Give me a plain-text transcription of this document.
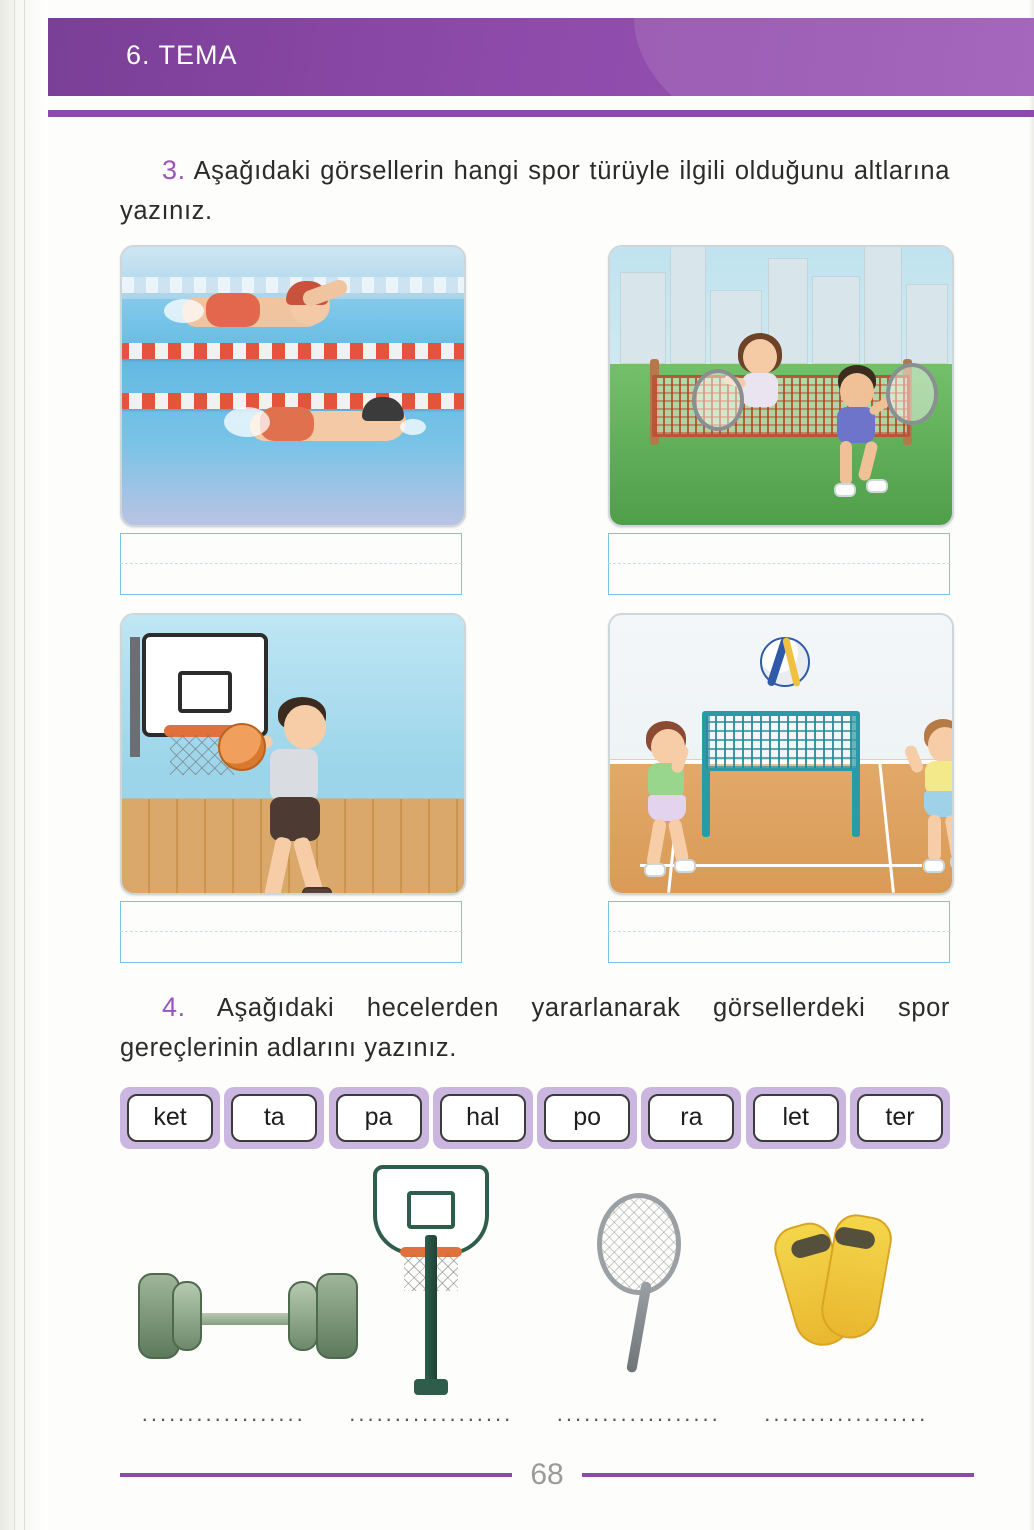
6. TEMA
3. Aşağıdaki görsellerin hangi spor türüyle ilgili olduğunu altlarına yazınız.
4. Aşağıdaki hecelerden yararlanarak görsellerdeki spor gereçlerinin adlarını yazınız.
ket	ta	pa	hal	po	ra	let	ter
..................	..................	..................	..................
68
